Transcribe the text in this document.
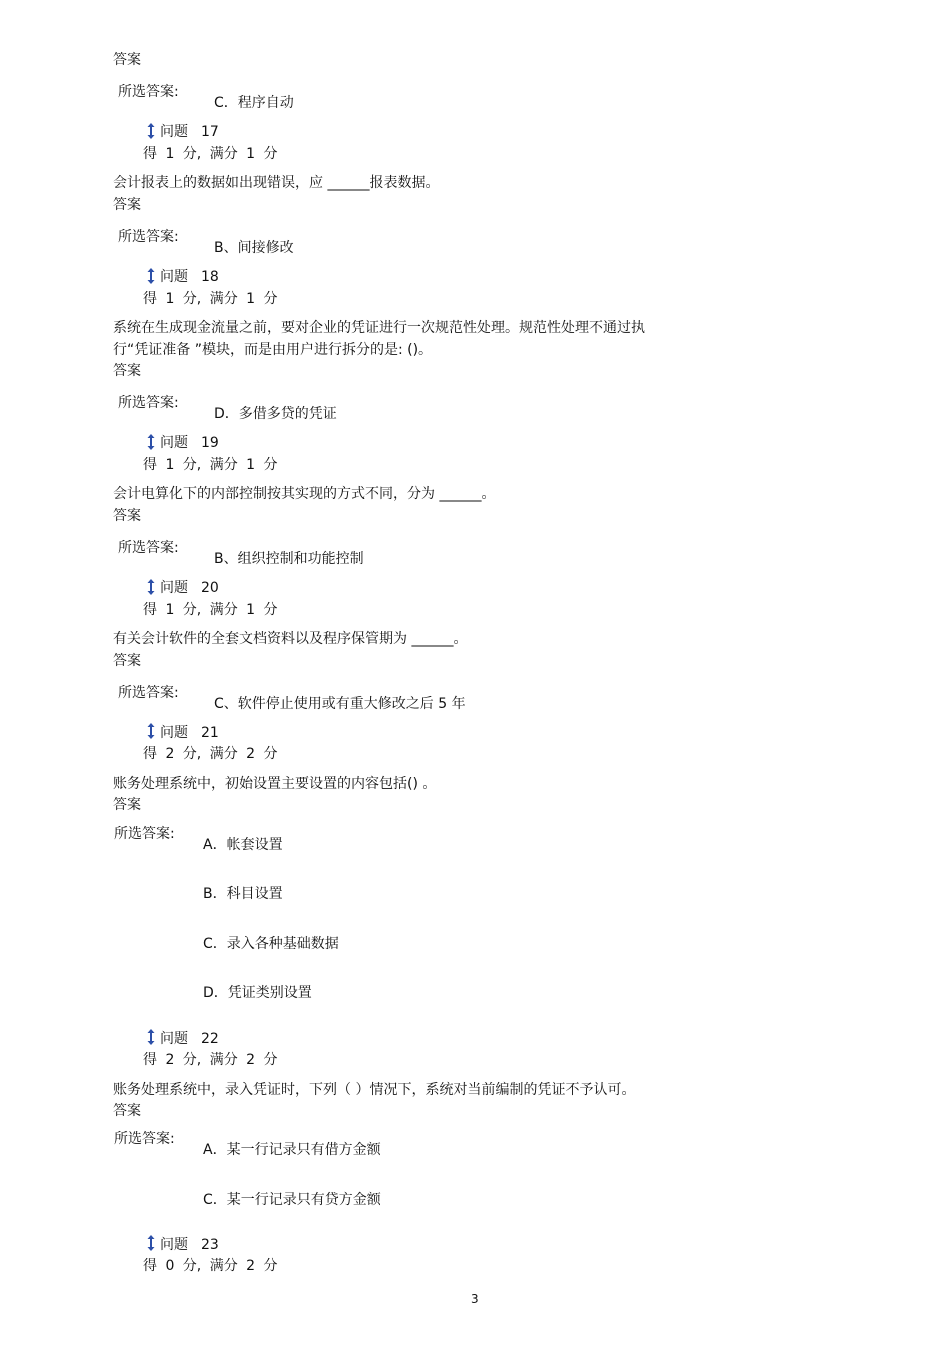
答案
所选答案:
C．程序自动
问题 17
得 1 分, 满分 1 分
会计报表上的数据如出现错误，应 ______报表数据。
答案
所选答案:
B、间接修改
问题 18
得 1 分, 满分 1 分
系统在生成现金流量之前，要对企业的凭证进行一次规范性处理。规范性处理不通过执
行“凭证准备 ”模块，而是由用户进行拆分的是: ()。
答案
所选答案:
D．多借多贷的凭证
问题 19
得 1 分, 满分 1 分
会计电算化下的内部控制按其实现的方式不同，分为 ______。
答案
所选答案:
B、组织控制和功能控制
问题 20
得 1 分, 满分 1 分
有关会计软件的全套文档资料以及程序保管期为 ______。
答案
所选答案:
C、软件停止使用或有重大修改之后 5 年
问题 21
得 2 分, 满分 2 分
账务处理系统中，初始设置主要设置的内容包括() 。
答案
所选答案:
A．帐套设置
B．科目设置
C．录入各种基础数据
D．凭证类别设置
问题 22
得 2 分, 满分 2 分
账务处理系统中，录入凭证时，下列（ ）情况下，系统对当前编制的凭证不予认可。
答案
所选答案:
A．某一行记录只有借方金额
C．某一行记录只有贷方金额
问题 23
得 0 分, 满分 2 分
3
